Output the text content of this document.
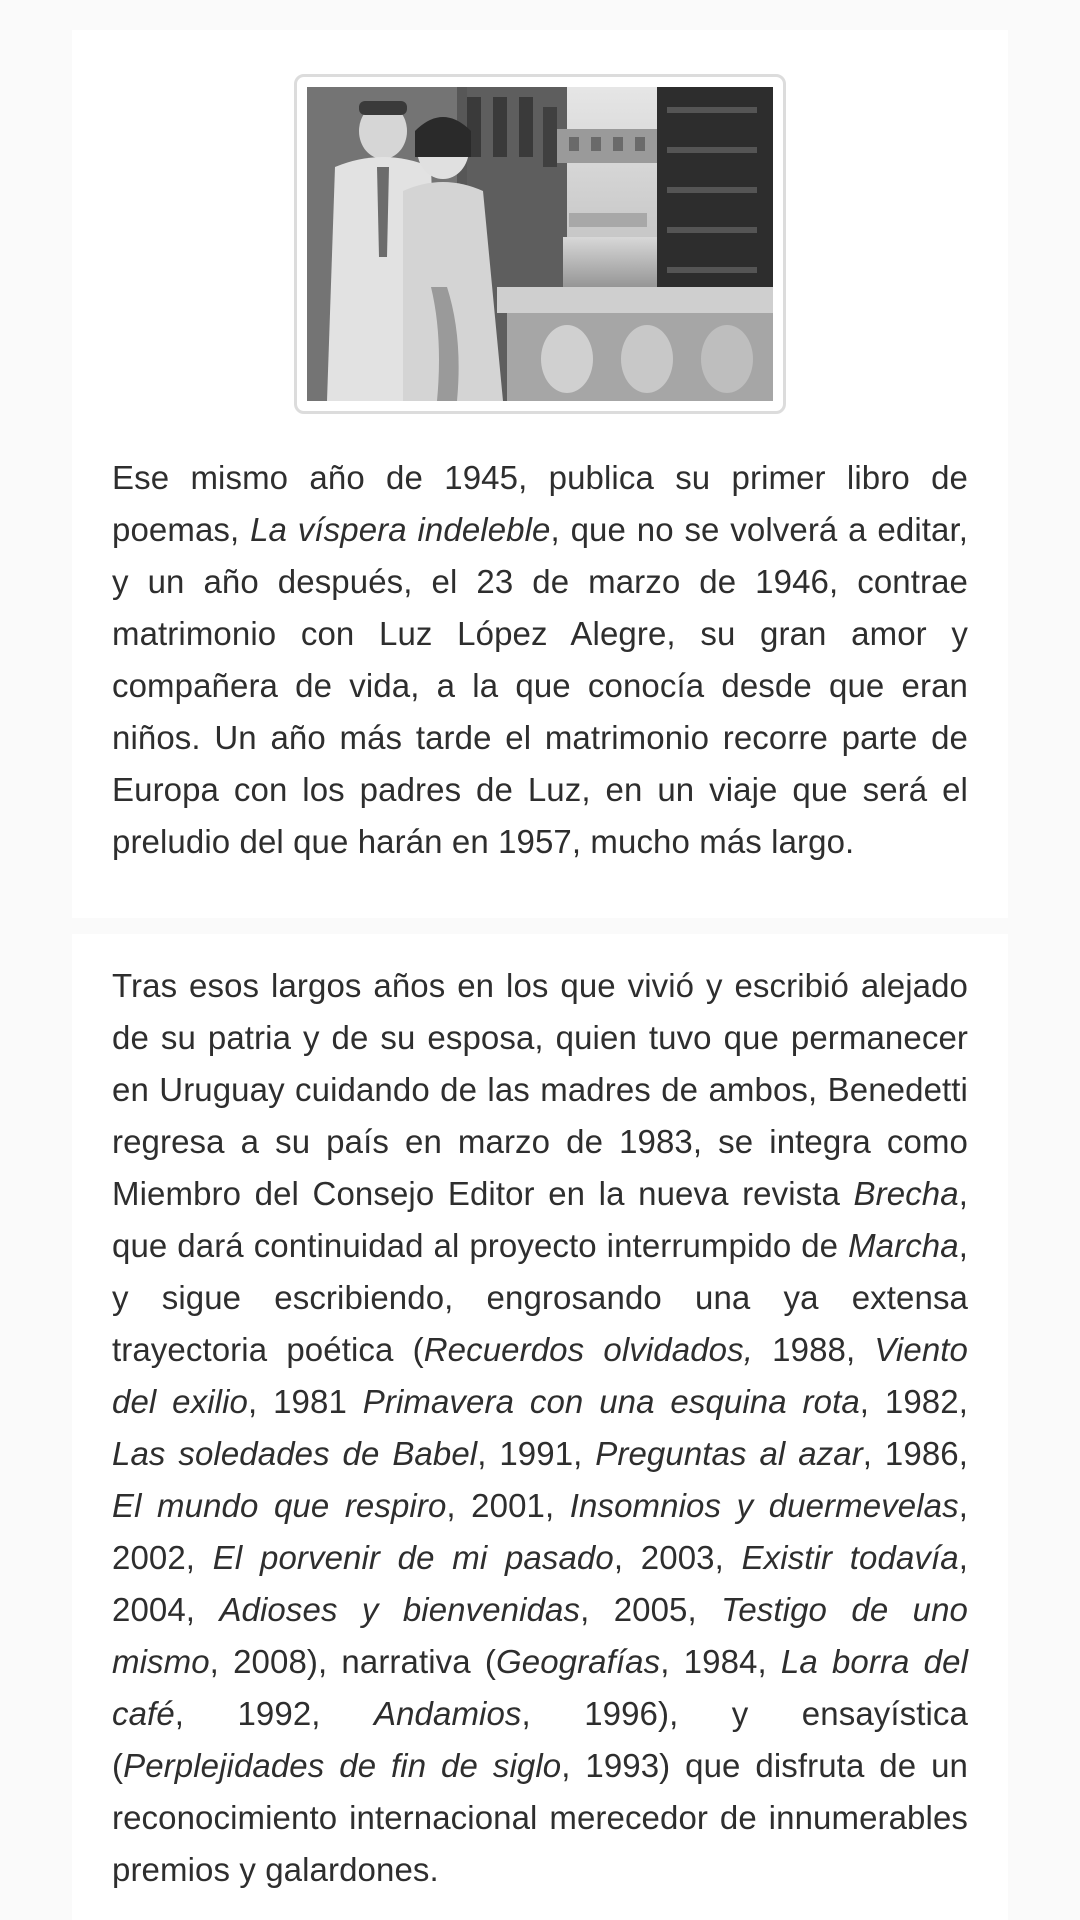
Ese mismo año de 1945, publica su primer libro de poemas, La víspera indeleble, que no se volverá a editar, y un año después, el 23 de marzo de 1946, contrae matrimonio con Luz López Alegre, su gran amor y compañera de vida, a la que conocía desde que eran niños. Un año más tarde el matrimonio recorre parte de Europa con los padres de Luz, en un viaje que será el preludio del que harán en 1957, mucho más largo.

Tras esos largos años en los que vivió y escribió alejado de su patria y de su esposa, quien tuvo que permanecer en Uruguay cuidando de las madres de ambos, Benedetti regresa a su país en marzo de 1983, se integra como Miembro del Consejo Editor en la nueva revista Brecha, que dará continuidad al proyecto interrumpido de Marcha, y sigue escribiendo, engrosando una ya extensa trayectoria poética (Recuerdos olvidados, 1988, Viento del exilio, 1981 Primavera con una esquina rota, 1982, Las soledades de Babel, 1991, Preguntas al azar, 1986, El mundo que respiro, 2001, Insomnios y duermevelas, 2002, El porvenir de mi pasado, 2003, Existir todavía, 2004, Adioses y bienvenidas, 2005, Testigo de uno mismo, 2008), narrativa (Geografías, 1984, La borra del café, 1992, Andamios, 1996), y ensayística (Perplejidades de fin de siglo, 1993) que disfruta de un reconocimiento internacional merecedor de innumerables premios y galardones.
